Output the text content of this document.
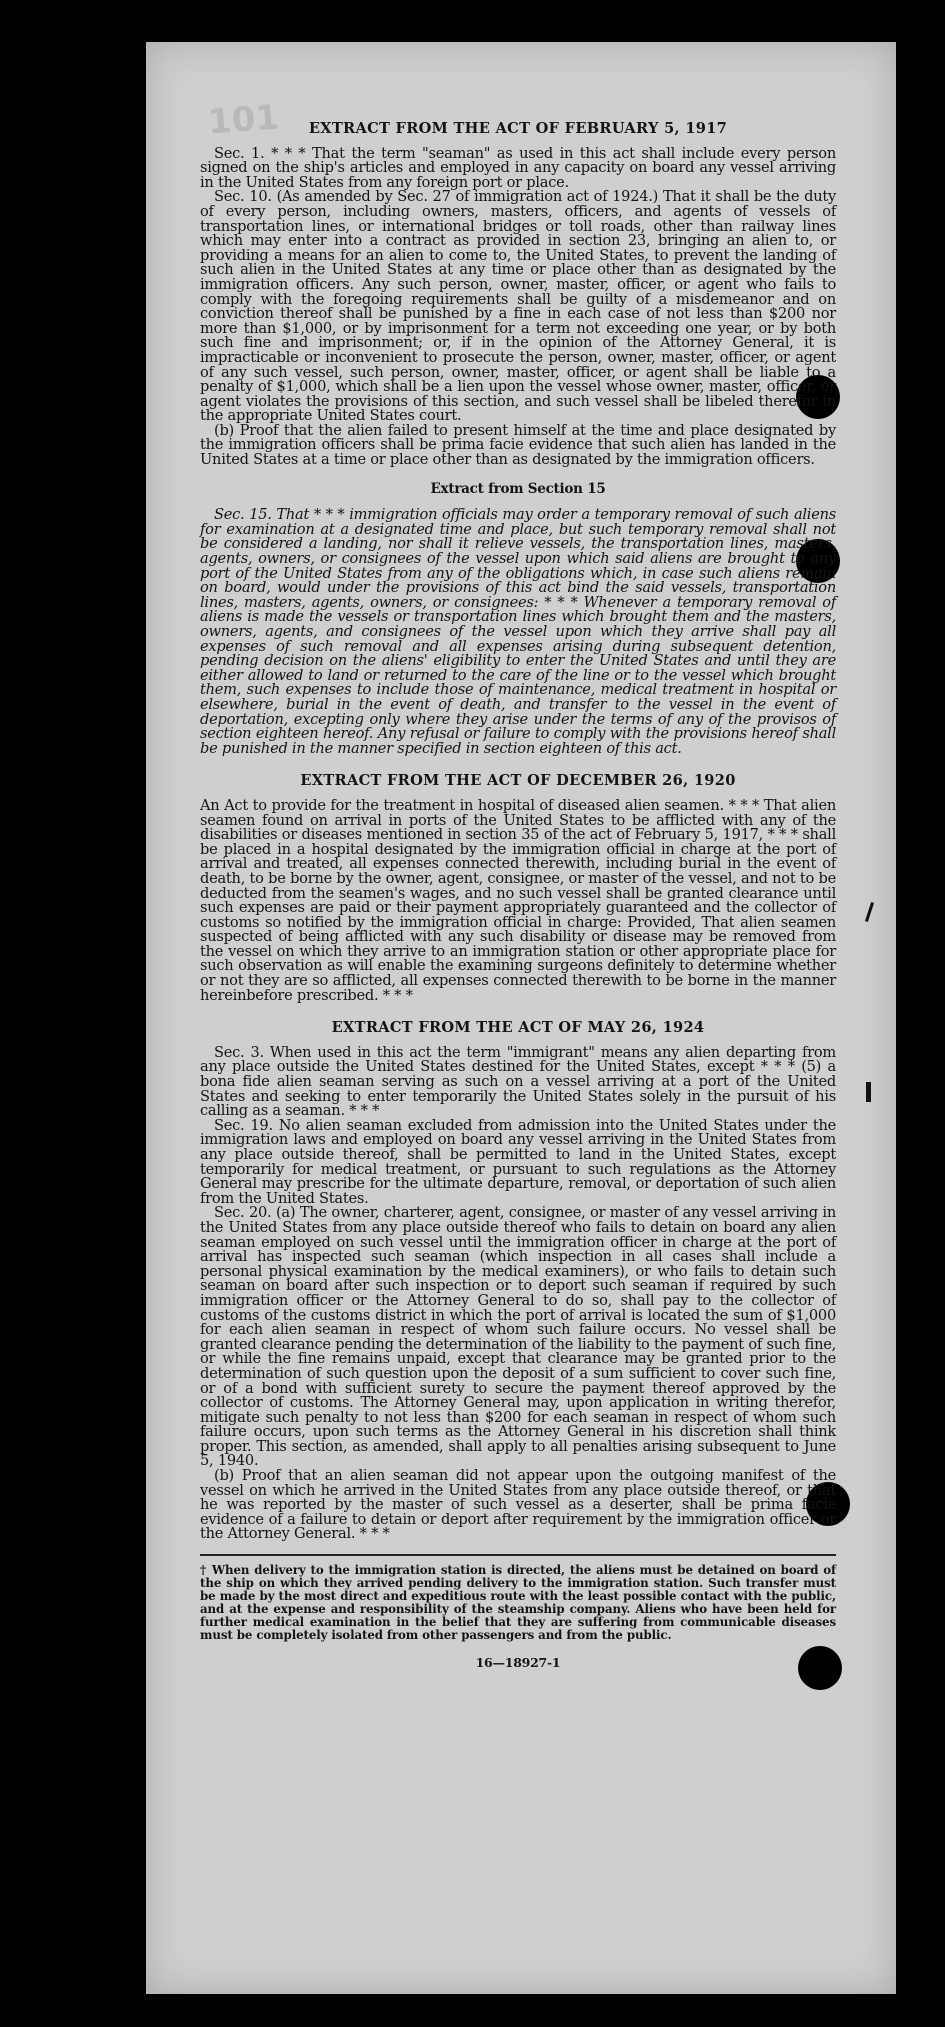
101	EXTRACT FROM THE ACT OF FEBRUARY 5, 1917

Sec. 1. * * * That the term "seaman" as used in this act shall include every person signed on the ship's articles and employed in any capacity on board any vessel arriving in the United States from any foreign port or place.

Sec. 10. (As amended by Sec. 27 of immigration act of 1924.) That it shall be the duty of every person, including owners, masters, officers, and agents of vessels of transportation lines, or international bridges or toll roads, other than railway lines which may enter into a contract as provided in section 23, bringing an alien to, or providing a means for an alien to come to, the United States, to prevent the landing of such alien in the United States at any time or place other than as designated by the immigration officers. Any such person, owner, master, officer, or agent who fails to comply with the foregoing requirements shall be guilty of a misdemeanor and on conviction thereof shall be punished by a fine in each case of not less than $200 nor more than $1,000, or by imprisonment for a term not exceeding one year, or by both such fine and imprisonment; or, if in the opinion of the Attorney General, it is impracticable or inconvenient to prosecute the person, owner, master, officer, or agent of any such vessel, such person, owner, master, officer, or agent shall be liable to a penalty of $1,000, which shall be a lien upon the vessel whose owner, master, officer, or agent violates the provisions of this section, and such vessel shall be libeled therefor in the appropriate United States court.

(b) Proof that the alien failed to present himself at the time and place designated by the immigration officers shall be prima facie evidence that such alien has landed in the United States at a time or place other than as designated by the immigration officers.

Extract from Section 15

Sec. 15. That * * * immigration officials may order a temporary removal of such aliens for examination at a designated time and place, but such temporary removal shall not be considered a landing, nor shall it relieve vessels, the transportation lines, masters, agents, owners, or consignees of the vessel upon which said aliens are brought to any port of the United States from any of the obligations which, in case such aliens remain on board, would under the provisions of this act bind the said vessels, transportation lines, masters, agents, owners, or consignees: * * * Whenever a temporary removal of aliens is made the vessels or transportation lines which brought them and the masters, owners, agents, and consignees of the vessel upon which they arrive shall pay all expenses of such removal and all expenses arising during subsequent detention, pending decision on the aliens' eligibility to enter the United States and until they are either allowed to land or returned to the care of the line or to the vessel which brought them, such expenses to include those of maintenance, medical treatment in hospital or elsewhere, burial in the event of death, and transfer to the vessel in the event of deportation, excepting only where they arise under the terms of any of the provisos of section eighteen hereof. Any refusal or failure to comply with the provisions hereof shall be punished in the manner specified in section eighteen of this act.

EXTRACT FROM THE ACT OF DECEMBER 26, 1920

An Act to provide for the treatment in hospital of diseased alien seamen. * * * That alien seamen found on arrival in ports of the United States to be afflicted with any of the disabilities or diseases mentioned in section 35 of the act of February 5, 1917, * * * shall be placed in a hospital designated by the immigration official in charge at the port of arrival and treated, all expenses connected therewith, including burial in the event of death, to be borne by the owner, agent, consignee, or master of the vessel, and not to be deducted from the seamen's wages, and no such vessel shall be granted clearance until such expenses are paid or their payment appropriately guaranteed and the collector of customs so notified by the immigration official in charge: Provided, That alien seamen suspected of being afflicted with any such disability or disease may be removed from the vessel on which they arrive to an immigration station or other appropriate place for such observation as will enable the examining surgeons definitely to determine whether or not they are so afflicted, all expenses connected therewith to be borne in the manner hereinbefore prescribed. * * *

EXTRACT FROM THE ACT OF MAY 26, 1924

Sec. 3. When used in this act the term "immigrant" means any alien departing from any place outside the United States destined for the United States, except * * * (5) a bona fide alien seaman serving as such on a vessel arriving at a port of the United States and seeking to enter temporarily the United States solely in the pursuit of his calling as a seaman. * * *

Sec. 19. No alien seaman excluded from admission into the United States under the immigration laws and employed on board any vessel arriving in the United States from any place outside thereof, shall be permitted to land in the United States, except temporarily for medical treatment, or pursuant to such regulations as the Attorney General may prescribe for the ultimate departure, removal, or deportation of such alien from the United States.

Sec. 20. (a) The owner, charterer, agent, consignee, or master of any vessel arriving in the United States from any place outside thereof who fails to detain on board any alien seaman employed on such vessel until the immigration officer in charge at the port of arrival has inspected such seaman (which inspection in all cases shall include a personal physical examination by the medical examiners), or who fails to detain such seaman on board after such inspection or to deport such seaman if required by such immigration officer or the Attorney General to do so, shall pay to the collector of customs of the customs district in which the port of arrival is located the sum of $1,000 for each alien seaman in respect of whom such failure occurs. No vessel shall be granted clearance pending the determination of the liability to the payment of such fine, or while the fine remains unpaid, except that clearance may be granted prior to the determination of such question upon the deposit of a sum sufficient to cover such fine, or of a bond with sufficient surety to secure the payment thereof approved by the collector of customs. The Attorney General may, upon application in writing therefor, mitigate such penalty to not less than $200 for each seaman in respect of whom such failure occurs, upon such terms as the Attorney General in his discretion shall think proper. This section, as amended, shall apply to all penalties arising subsequent to June 5, 1940.

(b) Proof that an alien seaman did not appear upon the outgoing manifest of the vessel on which he arrived in the United States from any place outside thereof, or that he was reported by the master of such vessel as a deserter, shall be prima facie evidence of a failure to detain or deport after requirement by the immigration officer or the Attorney General. * * *

† When delivery to the immigration station is directed, the aliens must be detained on board of the ship on which they arrived pending delivery to the immigration station. Such transfer must be made by the most direct and expeditious route with the least possible contact with the public, and at the expense and responsibility of the steamship company. Aliens who have been held for further medical examination in the belief that they are suffering from communicable diseases must be completely isolated from other passengers and from the public.
16—18927-1
